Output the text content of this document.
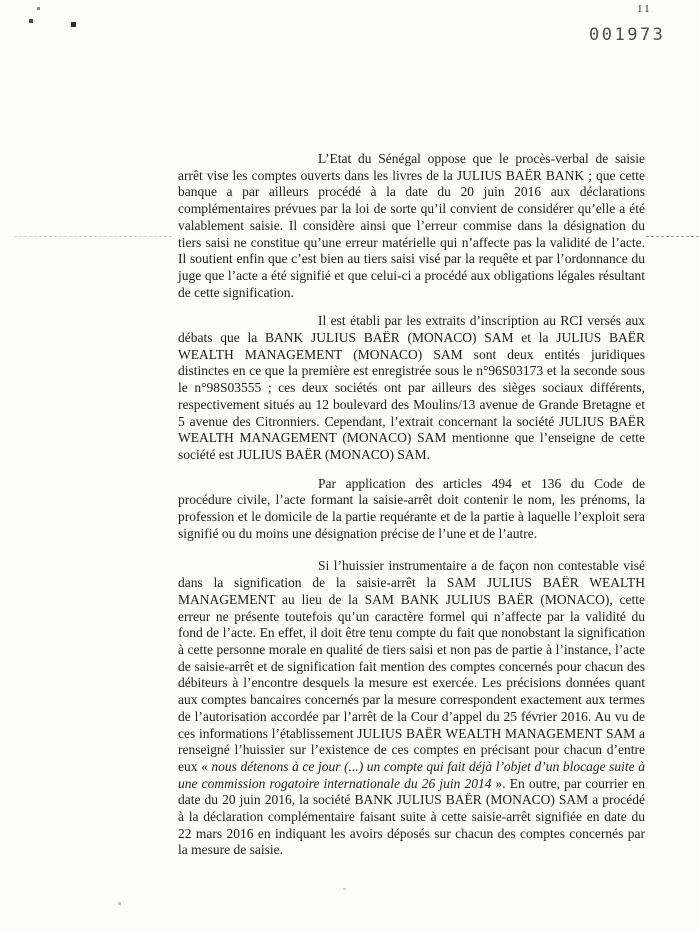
11
001973

L’Etat du Sénégal oppose que le procès-verbal de saisie arrêt vise les comptes ouverts dans les livres de la JULIUS BAËR BANK ; que cette banque a par ailleurs procédé à la date du 20 juin 2016 aux déclarations complémentaires prévues par la loi de sorte qu’il convient de considérer qu’elle a été valablement saisie. Il considère ainsi que l’erreur commise dans la désignation du tiers saisi ne constitue qu’une erreur matérielle qui n’affecte pas la validité de l’acte. Il soutient enfin que c’est bien au tiers saisi visé par la requête et par l’ordonnance du juge que l’acte a été signifié et que celui-ci a procédé aux obligations légales résultant de cette signification.

Il est établi par les extraits d’inscription au RCI versés aux débats que la BANK JULIUS BAËR (MONACO) SAM et la JULIUS BAËR WEALTH MANAGEMENT (MONACO) SAM sont deux entités juridiques distinctes en ce que la première est enregistrée sous le n°96S03173 et la seconde sous le n°98S03555 ; ces deux sociétés ont par ailleurs des sièges sociaux différents, respectivement situés au 12 boulevard des Moulins/13 avenue de Grande Bretagne et 5 avenue des Citronniers. Cependant, l’extrait concernant la société JULIUS BAËR WEALTH MANAGEMENT (MONACO) SAM mentionne que l’enseigne de cette société est JULIUS BAËR (MONACO) SAM.

Par application des articles 494 et 136 du Code de procédure civile, l’acte formant la saisie-arrêt doit contenir le nom, les prénoms, la profession et le domicile de la partie requérante et de la partie à laquelle l’exploit sera signifié ou du moins une désignation précise de l’une et de l’autre.

Si l’huissier instrumentaire a de façon non contestable visé dans la signification de la saisie-arrêt la SAM JULIUS BAËR WEALTH MANAGEMENT au lieu de la SAM BANK JULIUS BAËR (MONACO), cette erreur ne présente toutefois qu’un caractère formel qui n’affecte par la validité du fond de l’acte. En effet, il doit être tenu compte du fait que nonobstant la signification à cette personne morale en qualité de tiers saisi et non pas de partie à l’instance, l’acte de saisie-arrêt et de signification fait mention des comptes concernés pour chacun des débiteurs à l’encontre desquels la mesure est exercée. Les précisions données quant aux comptes bancaires concernés par la mesure correspondent exactement aux termes de l’autorisation accordée par l’arrêt de la Cour d’appel du 25 février 2016. Au vu de ces informations l’établissement JULIUS BAËR WEALTH MANAGEMENT SAM a renseigné l’huissier sur l’existence de ces comptes en précisant pour chacun d’entre eux « nous détenons à ce jour (...) un compte qui fait déjà l’objet d’un blocage suite à une commission rogatoire internationale du 26 juin 2014 ». En outre, par courrier en date du 20 juin 2016, la société BANK JULIUS BAËR (MONACO) SAM a procédé à la déclaration complémentaire faisant suite à cette saisie-arrêt signifiée en date du 22 mars 2016 en indiquant les avoirs déposés sur chacun des comptes concernés par la mesure de saisie.
